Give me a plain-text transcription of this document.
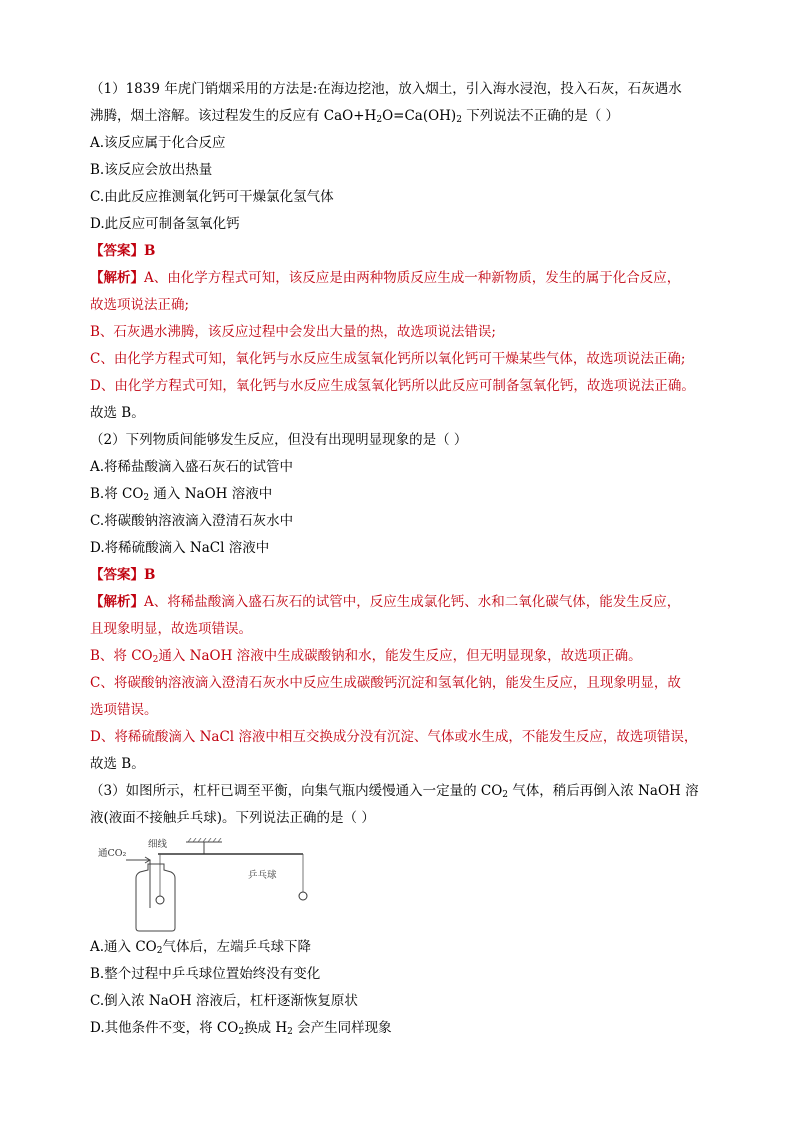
（1）1839 年虎门销烟采用的方法是:在海边挖池，放入烟土，引入海水浸泡，投入石灰，石灰遇水
沸腾，烟土溶解。该过程发生的反应有 $CaO+H_2O=Ca(OH)_2$ 下列说法不正确的是（ ）
A.该反应属于化合反应
B.该反应会放出热量
C.由此反应推测氧化钙可干燥氯化氢气体
D.此反应可制备氢氧化钙
【答案】B
【解析】A、由化学方程式可知，该反应是由两种物质反应生成一种新物质，发生的属于化合反应，
故选项说法正确;
B、石灰遇水沸腾，该反应过程中会发出大量的热，故选项说法错误;
C、由化学方程式可知，氧化钙与水反应生成氢氧化钙所以氧化钙可干燥某些气体，故选项说法正确;
D、由化学方程式可知，氧化钙与水反应生成氢氧化钙所以此反应可制备氢氧化钙，故选项说法正确。
故选 B。
（2）下列物质间能够发生反应，但没有出现明显现象的是（ ）
A.将稀盐酸滴入盛石灰石的试管中
B.将 $CO_2$ 通入 NaOH 溶液中
C.将碳酸钠溶液滴入澄清石灰水中
D.将稀硫酸滴入 NaCl 溶液中
【答案】B
【解析】A、将稀盐酸滴入盛石灰石的试管中，反应生成氯化钙、水和二氧化碳气体，能发生反应，
且现象明显，故选项错误。
B、将 $CO_2$通入 NaOH 溶液中生成碳酸钠和水，能发生反应，但无明显现象，故选项正确。
C、将碳酸钠溶液滴入澄清石灰水中反应生成碳酸钙沉淀和氢氧化钠，能发生反应，且现象明显，故
选项错误。
D、将稀硫酸滴入 NaCl 溶液中相互交换成分没有沉淀、气体或水生成，不能发生反应，故选项错误，
故选 B。
（3）如图所示，杠杆已调至平衡，向集气瓶内缓慢通入一定量的 $CO_2$ 气体，稍后再倒入浓 NaOH 溶
液(液面不接触乒乓球)。下列说法正确的是（ ）
通CO₂
细线
乒乓球
A.通入 $CO_2$气体后，左端乒乓球下降
B.整个过程中乒乓球位置始终没有变化
C.倒入浓 NaOH 溶液后，杠杆逐渐恢复原状
D.其他条件不变，将 $CO_2$换成 $H_2$ 会产生同样现象
